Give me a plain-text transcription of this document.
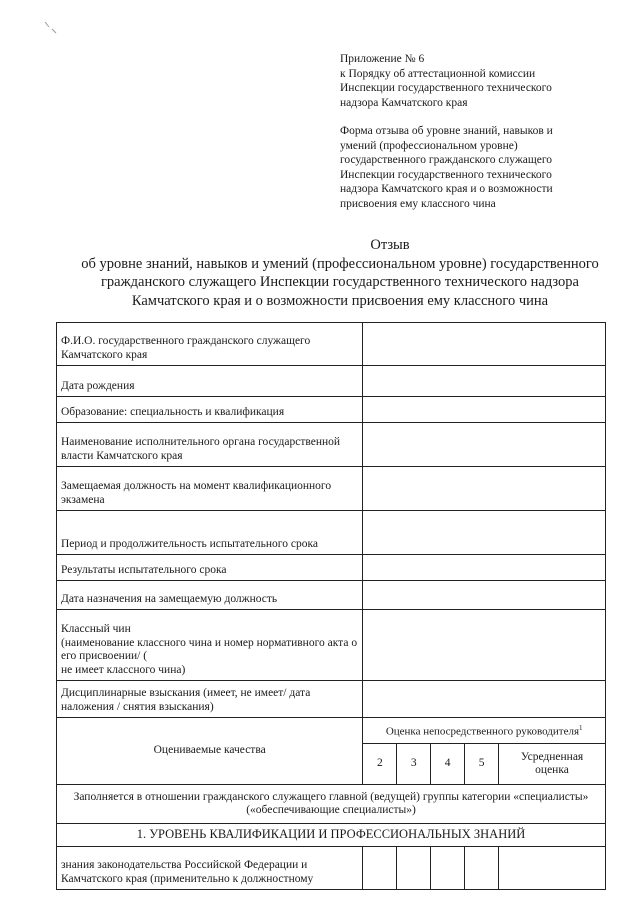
Приложение № 6
к Порядку об аттестационной комиссии
Инспекции государственного технического
надзора Камчатского края
Форма отзыва об уровне знаний, навыков и
умений (профессиональном уровне)
государственного гражданского служащего
Инспекции государственного технического
надзора Камчатского края и о возможности
присвоения ему классного чина
Отзыв
об уровне знаний, навыков и умений (профессиональном уровне) государственного
гражданского служащего Инспекции государственного технического надзора
Камчатского края и о возможности присвоения ему классного чина
Ф.И.О. государственного гражданского служащего Камчатского края					
Дата рождения					
Образование: специальность и квалификация					
Наименование исполнительного органа государственной власти Камчатского края					
Замещаемая должность на момент квалификационного экзамена					
Период и продолжительность испытательного срока					
Результаты испытательного срока					
Дата назначения на замещаемую должность					
Классный чин
(наименование классного чина и номер нормативного акта о его присвоении/ (
не имеет классного чина)					
Дисциплинарные взыскания (имеет, не имеет/ дата наложения / снятия взыскания)					
Оцениваемые качества	Оценка непосредственного руководителя$^1$
	2	3	4	5	Усредненная оценка
Заполняется в отношении гражданского служащего главной (ведущей) группы категории «специалисты» («обеспечивающие специалисты»)					
1. УРОВЕНЬ КВАЛИФИКАЦИИ И ПРОФЕССИОНАЛЬНЫХ ЗНАНИЙ					
знания законодательства Российской Федерации и Камчатского края (применительно к должностному					
